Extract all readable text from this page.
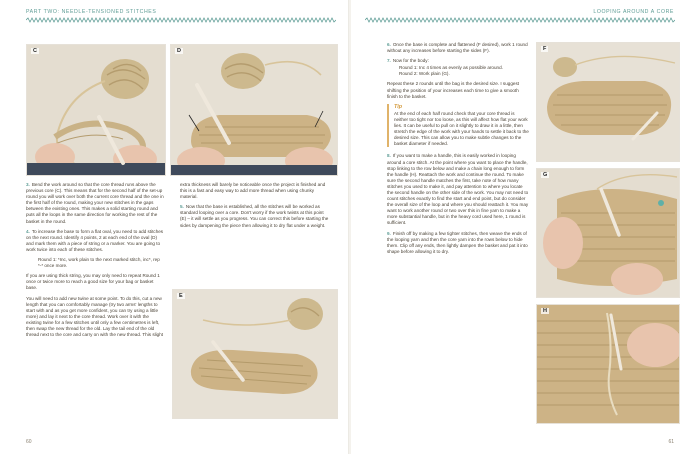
PART TWO: NEEDLE-TENSIONED STITCHES
C	D

3. Bend the work around so that the core thread runs above the previous core (C). This means that for the second half of the set-up round you will work over both the current core thread and the one in the first half of the round, making your new stitches in the gaps between the existing ones. This makes a solid starting round and puts all the loops in the same direction for working the rest of the basket in the round.

4. To increase the base to form a flat oval, you need to add stitches on the next round. Identify 4 points, 2 at each end of the oval (D) and mark them with a piece of string or a marker. You are going to work twice into each of these stitches.

Round 1: *Inc, work plain to the next marked stitch, inc*, rep *-* once more.

If you are using thick string, you may only need to repeat Round 1 once or twice more to reach a good size for your bag or basket base.

You will need to add new twine at some point. To do this, cut a new length that you can comfortably manage (try two arms' lengths to start with and as you get more confident, you can try using a little more) and lay it next to the core thread. Work over it with the existing twine for a few stitches until only a few centimetres is left, then swap the new thread for the old. Lay the tail end of the old thread next to the core and carry on with the new thread. This slight

extra thickness will barely be noticeable once the project is finished and this is a fast and easy way to add more thread when using chunky material.

5. Now that the base is established, all the stitches will be worked as standard looping over a core. Don't worry if the work twists at this point (E) – it will settle as you progress. You can correct this before starting the sides by dampening the piece then allowing it to dry flat under a weight.

E
60
LOOPING AROUND A CORE

6. Once the base is complete and flattened (F desired), work 1 round without any increases before starting the sides (F).

7. Now for the body:

Round 1: Inc 4 times as evenly as possible around.

Round 2: Work plain (G).

Repeat these 2 rounds until the bag is the desired size. I suggest shifting the position of your increases each time to give a smooth finish to the basket.

Tip
At the end of each half round check that your core thread is neither too tight nor too loose, as this will affect how flat your work lies. It can be useful to pull on it slightly to draw it in a little, then stretch the edge of the work with your hands to settle it back to the desired size. This can allow you to make subtle changes to the basket diameter if needed.

8. If you want to make a handle, this is easily worked in looping around a core stitch. At the point where you want to place the handle, stop linking to the row below and make a chain long enough to form the handle (H). Reattach the work and continue the round. To make sure the second handle matches the first, take note of how many stitches you used to make it, and pay attention to where you locate the second handle on the other side of the work. You may not need to count stitches exactly to find the start and end point, but do consider the overall size of the loop and where you should reattach it. You may want to work another round or two over this in fine yarn to make a more substantial handle, but in the heavy cord used here, 1 round is sufficient.

9. Finish off by making a few tighter stitches, then weave the ends of the looping yarn and then the core yarn into the rows below to hide them. Clip off any ends, then lightly dampen the basket and pat it into shape before allowing it to dry.

F
G
H
61
